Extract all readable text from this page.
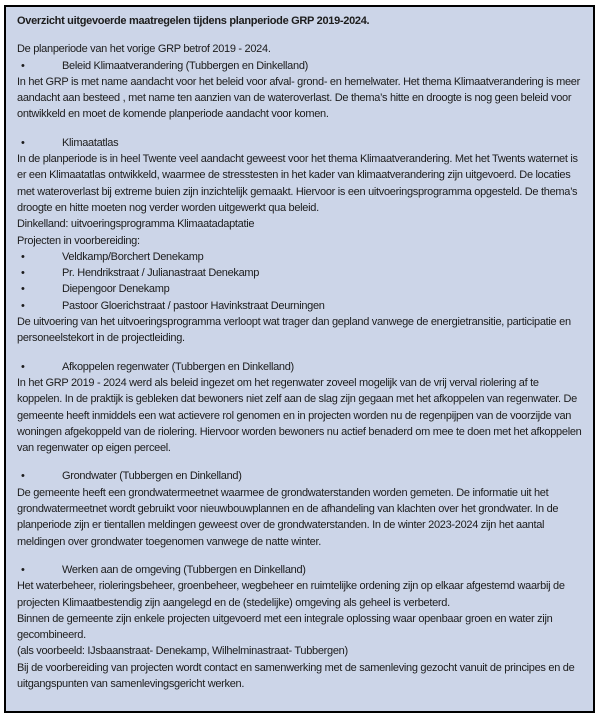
Overzicht uitgevoerde maatregelen tijdens planperiode GRP 2019-2024.

De planperiode van het vorige GRP betrof 2019 - 2024.

•	Beleid Klimaatverandering (Tubbergen en Dinkelland)

In het GRP is met name aandacht voor het beleid voor afval- grond- en hemelwater. Het thema Klimaatverandering is meer aandacht aan besteed , met name ten aanzien van de wateroverlast. De thema’s hitte en droogte is nog geen beleid voor ontwikkeld en moet de komende planperiode aandacht voor komen.

•	Klimaatatlas

In de planperiode is in heel Twente veel aandacht geweest voor het thema Klimaatverandering. Met het Twents waternet is er een Klimaatatlas ontwikkeld, waarmee de stresstesten in het kader van klimaatverandering zijn uitgevoerd. De locaties met wateroverlast bij extreme buien zijn inzichtelijk gemaakt. Hiervoor is een uitvoeringsprogramma opgesteld. De thema’s droogte en hitte moeten nog verder worden uitgewerkt qua beleid.

Dinkelland: uitvoeringsprogramma Klimaatadaptatie

Projecten in voorbereiding:

•	Veldkamp/Borchert Denekamp
•	Pr. Hendrikstraat / Julianastraat Denekamp
•	Diepengoor Denekamp
•	Pastoor Gloerichstraat / pastoor Havinkstraat Deurningen

De uitvoering van het uitvoeringsprogramma verloopt wat trager dan gepland vanwege de energietransitie, participatie en personeelstekort in de projectleiding.

•	Afkoppelen regenwater (Tubbergen en Dinkelland)

In het GRP 2019 - 2024 werd als beleid ingezet om het regenwater zoveel mogelijk van de vrij verval riolering af te koppelen. In de praktijk is gebleken dat bewoners niet zelf aan de slag zijn gegaan met het afkoppelen van regenwater. De gemeente heeft inmiddels een wat actievere rol genomen en in projecten worden nu de regenpijpen van de voorzijde van woningen afgekoppeld van de riolering. Hiervoor worden bewoners nu actief benaderd om mee te doen met het afkoppelen van regenwater op eigen perceel.

•	Grondwater (Tubbergen en Dinkelland)

De gemeente heeft een grondwatermeetnet waarmee de grondwaterstanden worden gemeten. De informatie uit het grondwatermeetnet wordt gebruikt voor nieuwbouwplannen en de afhandeling van klachten over het grondwater. In de planperiode zijn er tientallen meldingen geweest over de grondwaterstanden. In de winter 2023-2024 zijn het aantal meldingen over grondwater toegenomen vanwege de natte winter.

•	Werken aan de omgeving (Tubbergen en Dinkelland)

Het waterbeheer, rioleringsbeheer, groenbeheer, wegbeheer en ruimtelijke ordening zijn op elkaar afgestemd waarbij de projecten Klimaatbestendig zijn aangelegd en de (stedelijke) omgeving als geheel is verbeterd.

Binnen de gemeente zijn enkele projecten uitgevoerd met een integrale oplossing waar openbaar groen en water zijn gecombineerd.

(als voorbeeld: IJsbaanstraat- Denekamp, Wilhelminastraat- Tubbergen)

Bij de voorbereiding van projecten wordt contact en samenwerking met de samenleving gezocht vanuit de principes en de uitgangspunten van samenlevingsgericht werken.
